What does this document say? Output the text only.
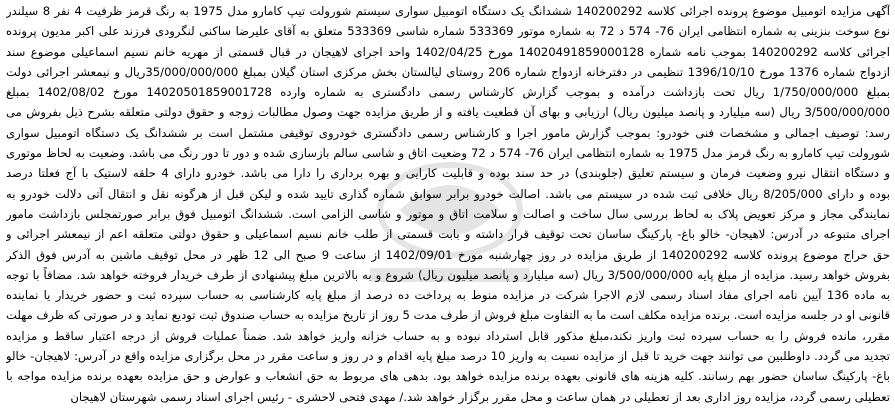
آگهی مزایده اتومبیل موضوع پرونده اجرائی کلاسه 140200292 ششدانگ یک دستگاه اتومبیل سواری سیستم شورولت تیپ کامارو مدل 1975 به رنگ قرمز ظرفیت 4 نفر 8 سیلندر
نوع سوخت بنزینی به شماره انتظامی ایران 76- 574 د 72 به شماره موتور 533369 شماره شاسی 533369 متعلق به آقای علیرضا ساکنی لنگرودی فرزند علی اکبر مدیون پرونده
اجرائی کلاسه 140200292 بموجب نامه شماره 14020491859000128 مورخ 1402/04/25 واحد اجرای لاهیجان در قبال قسمتی از مهریه خانم نسیم اسماعیلی موضوع سند
ازدواج شماره 1376 مورخ 1396/10/10 تنظیمی در دفترخانه ازدواج شماره 206 روستای لیالستان بخش مرکزی استان گیلان بمبلغ 35/000/000/000ریال و نیمعشر اجرائی دولت
بمبلغ 1/750/000/000 ریال تحت بازداشت درآمده و بموجب گزارش کارشناس رسمی دادگستری به شماره وارده 14020501859001728 مورخ 1402/08/02 بمبلغ
3/500/000/000 ریال (سه میلیارد و پانصد میلیون ریال) ارزیابی و بهای آن قطعیت یافته و از طریق مزایده جهت وصول مطالبات زوجه و حقوق دولتی متعلقه بشرح ذیل بفروش می
رسد: توصیف اجمالی و مشخصات فنی خودرو: بموجب گزارش مامور اجرا و کارشناس رسمی دادگستری خودروی توقیفی مشتمل است بر ششدانگ یک دستگاه اتومبیل سواری
شورولت تیپ کامارو به رنگ قرمز مدل 1975 به شماره انتظامی ایران 76- 574 د 72 وضعیت اتاق و شاسی سالم بازسازی شده و دور تا دور رنگ می باشد. وضعیت به لحاظ موتوری
و دستگاه انتقال نیرو وضعیت فرمان و سیستم تعلیق (جلوبندی) در حد سند بوده و قابلیت کارایی و بهره برداری را دارا می باشد. خودرو دارای 4 حلقه لاستیک با آج فعلتا درصد
بوده و دارای 8/205/000 ریال خلافی ثبت شده در سیستم می باشد. اصالت خودرو برابر سوابق شماره گذاری تایید شده و لیکن قبل از هرگونه نقل و انتقال آتی دلالت خودرو به
نمایندگی مجاز و مرکز تعویض پلاک به لحاظ بررسی سال ساخت و اصالت و سلامت اتاق و موتور و شاسی الزامی است. ششدانگ اتومبیل فوق برابر صورتمجلس بازداشت مامور
اجرای متبوعه در آدرس: لاهیجان- خالو باغ- پارکینگ ساسان تحت توقیف قرار داشته و بابت قسمتی از طلب خانم نسیم اسماعیلی و حقوق دولتی متعلقه اعم از نیمعشر اجرائی و
حق حراج موضوع پرونده کلاسه 140200292 از طریق مزایده در روز چهارشنبه مورخ 1402/09/01 از ساعت 9 صبح الی 12 ظهر در محل توقیف ماشین به آدرس فوق الذکر
بفروش خواهد رسید. مزایده از مبلغ پایه 3/500/000/000 ریال (سه میلیارد و پانصد میلیون ریال) شروع و به بالاترین مبلغ پیشنهادی از طرف خریدار فروخته خواهد شد. مضافاً با توجه
به ماده 136 آیین نامه اجرای مفاد اسناد رسمی لازم الاجرا شرکت در مزایده منوط به پرداخت ده درصد از مبلغ پایه کارشناسی به حساب سپرده ثبت و حضور خریدار یا نماینده
قانونی او در جلسه مزایده است. برنده مزایده مکلف است ما به التفاوت مبلغ فروش از طرف مدت 5 روز از تاریخ مزایده به حساب صندوق ثبت تودیع نماید و در صورتی که ظرف مهلت
مقرر، مانده فروش را به حساب سپرده ثبت واریز نکند،مبلغ مذکور قابل استرداد نبوده و به حساب خزانه واریز خواهد شد. ضمناً عملیات فروش از درجه اعتبار ساقط و مزایده
تجدید می گردد. داوطلبین می توانند جهت خرید تا قبل از مزایده نسبت به واریز 10 درصد مبلغ پایه اقدام و در روز و ساعت مقرر در محل برگزاری مزایده واقع در آدرس: لاهیجان- خالو
باغ- پارکینگ ساسان حضور بهم رسانند. کلیه هزینه های قانونی بعهده برنده مزایده خواهد بود. بدهی های مربوط به حق انشعاب و عوارض و حق مزایده بعهده برنده مزایده مواجه با
تعطیلی رسمی گردد، مزایده روز اداری بعد از تعطیلی در همان ساعت و محل مقرر برگزار خواهد شد./ مهدی فتحی لاحشری - رئیس اجرای اسناد رسمی شهرستان لاهیجان
